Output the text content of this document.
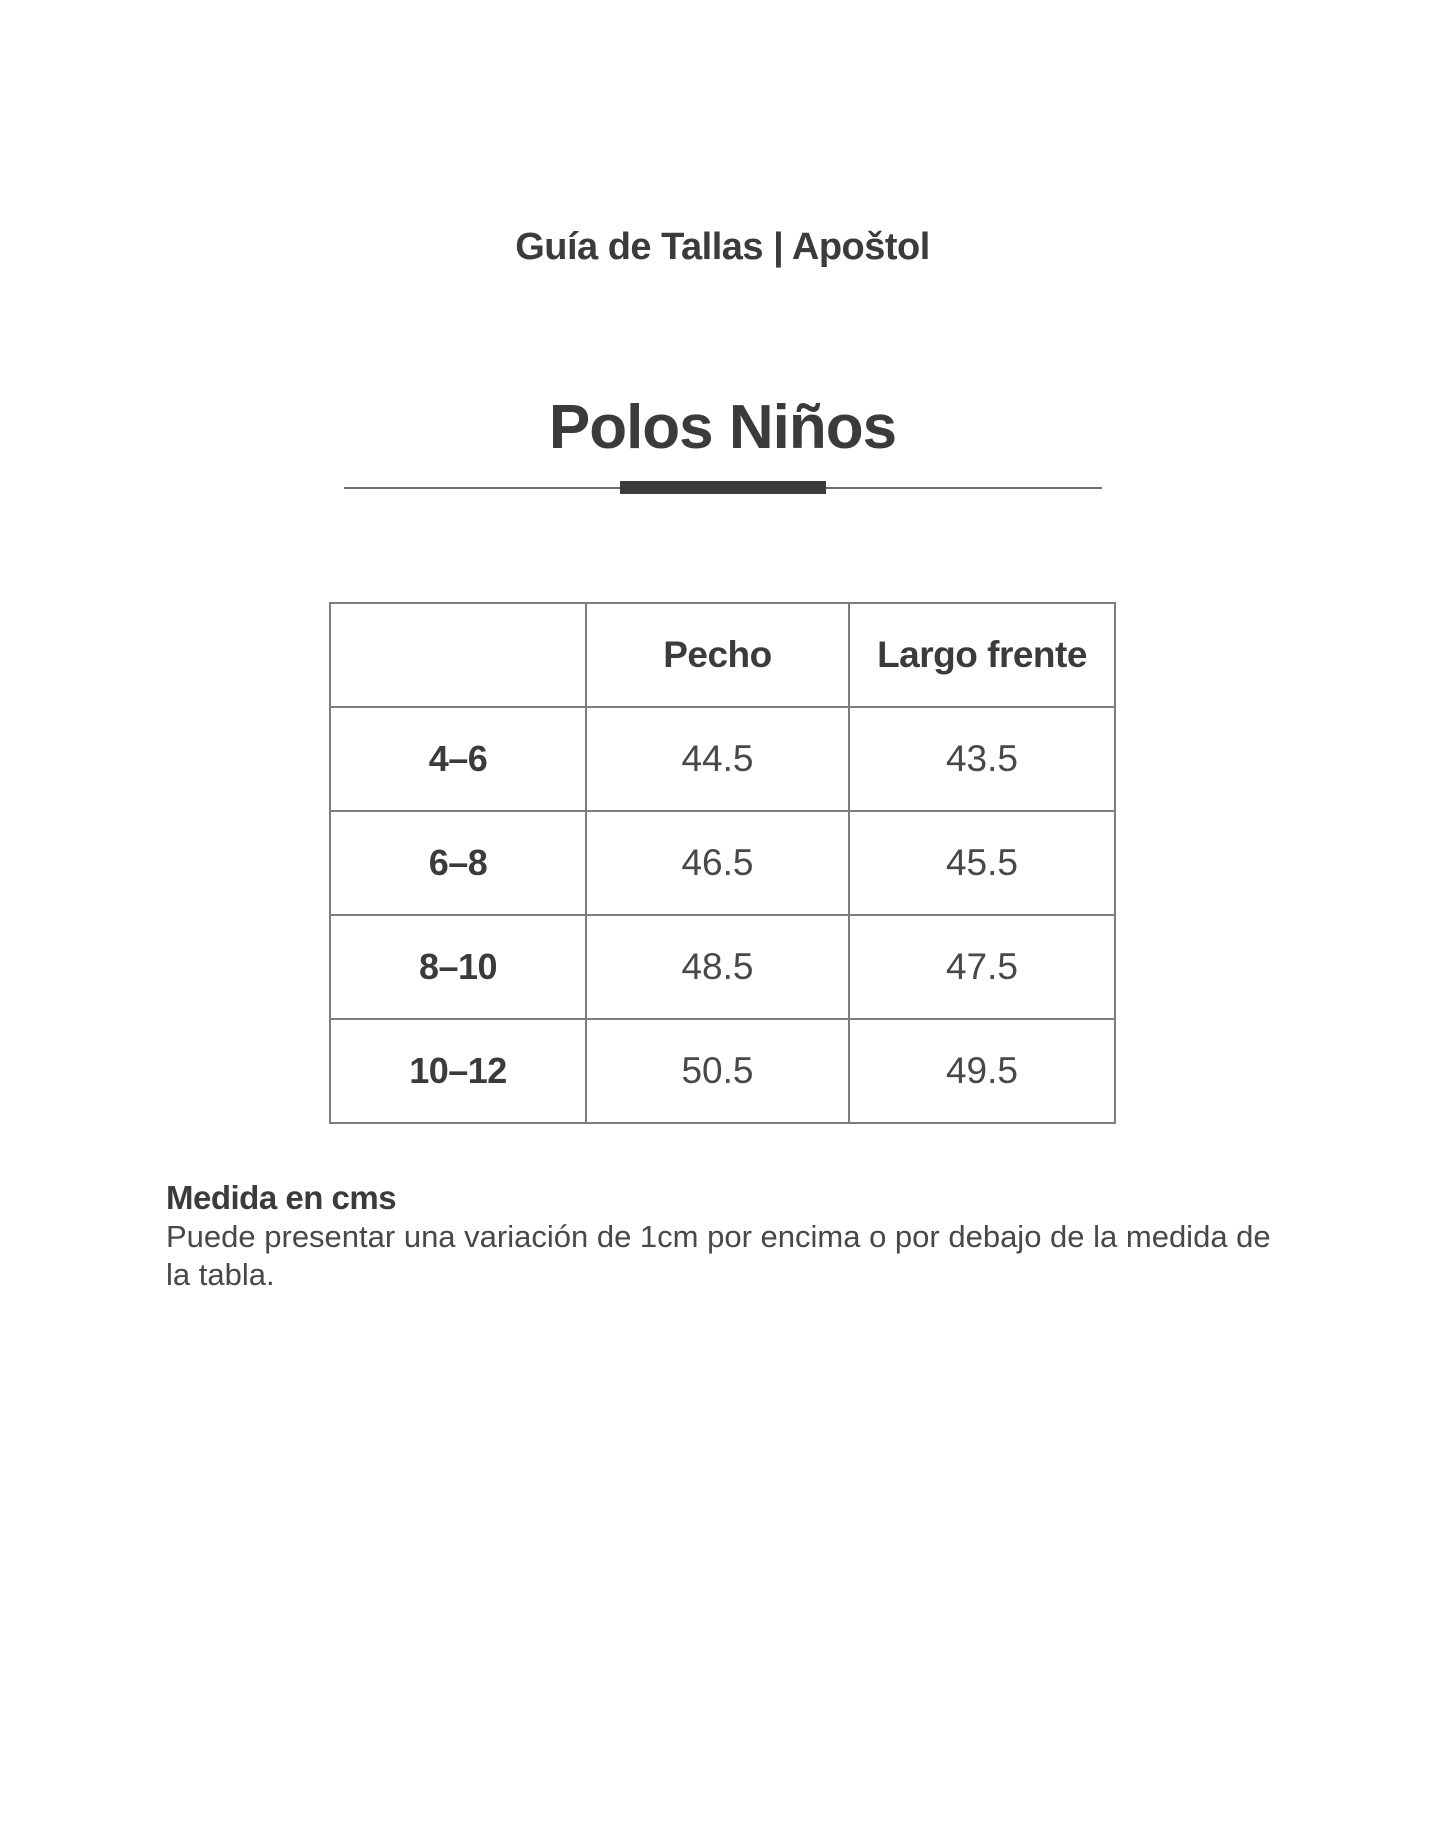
Guía de Tallas | Apoštol
Polos Niños
	Pecho	Largo frente
4–6	44.5	43.5
6–8	46.5	45.5
8–10	48.5	47.5
10–12	50.5	49.5
Medida en cms
Puede presentar una variación de 1cm por encima o por debajo de la medida de
la tabla.
